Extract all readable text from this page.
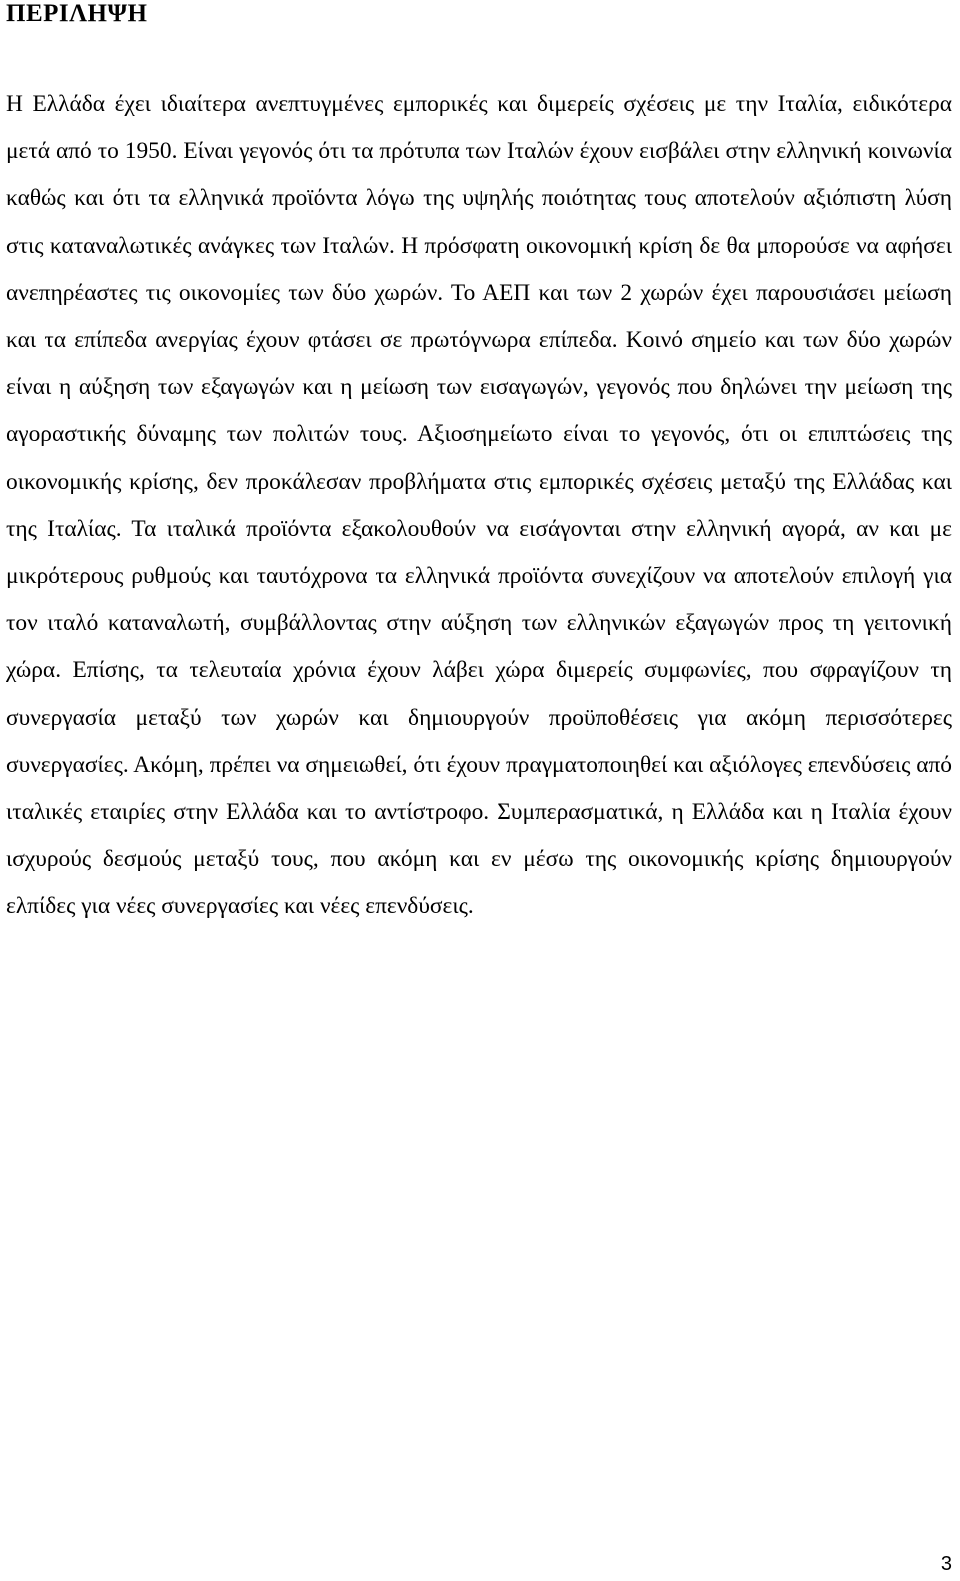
ΠΕΡΙΛΗΨΗ

Η Ελλάδα έχει ιδιαίτερα ανεπτυγμένες εμπορικές και διμερείς σχέσεις με την Ιταλία, ειδικότερα μετά από το 1950. Είναι γεγονός ότι τα πρότυπα των Ιταλών έχουν εισβάλει στην ελληνική κοινωνία καθώς και ότι τα ελληνικά προϊόντα λόγω της υψηλής ποιότητας τους αποτελούν αξιόπιστη λύση στις καταναλωτικές ανάγκες των Ιταλών. Η πρόσφατη οικονομική κρίση δε θα μπορούσε να αφήσει ανεπηρέαστες τις οικονομίες των δύο χωρών. Το ΑΕΠ και των 2 χωρών έχει παρουσιάσει μείωση και τα επίπεδα ανεργίας έχουν φτάσει σε πρωτόγνωρα επίπεδα. Κοινό σημείο και των δύο χωρών είναι η αύξηση των εξαγωγών και η μείωση των εισαγωγών, γεγονός που δηλώνει την μείωση της αγοραστικής δύναμης των πολιτών τους. Αξιοσημείωτο είναι το γεγονός, ότι οι επιπτώσεις της οικονομικής κρίσης, δεν προκάλεσαν προβλήματα στις εμπορικές σχέσεις μεταξύ της Ελλάδας και της Ιταλίας. Τα ιταλικά προϊόντα εξακολουθούν να εισάγονται στην ελληνική αγορά, αν και με μικρότερους ρυθμούς και ταυτόχρονα τα ελληνικά προϊόντα συνεχίζουν να αποτελούν επιλογή για τον ιταλό καταναλωτή, συμβάλλοντας στην αύξηση των ελληνικών εξαγωγών προς τη γειτονική χώρα. Επίσης, τα τελευταία χρόνια έχουν λάβει χώρα διμερείς συμφωνίες, που σφραγίζουν τη συνεργασία μεταξύ των χωρών και δημιουργούν προϋποθέσεις για ακόμη περισσότερες συνεργασίες. Ακόμη, πρέπει να σημειωθεί, ότι έχουν πραγματοποιηθεί και αξιόλογες επενδύσεις από ιταλικές εταιρίες στην Ελλάδα και το αντίστροφο. Συμπερασματικά, η Ελλάδα και η Ιταλία έχουν ισχυρούς δεσμούς μεταξύ τους, που ακόμη και εν μέσω της οικονομικής κρίσης δημιουργούν ελπίδες για νέες συνεργασίες και νέες επενδύσεις.

3
